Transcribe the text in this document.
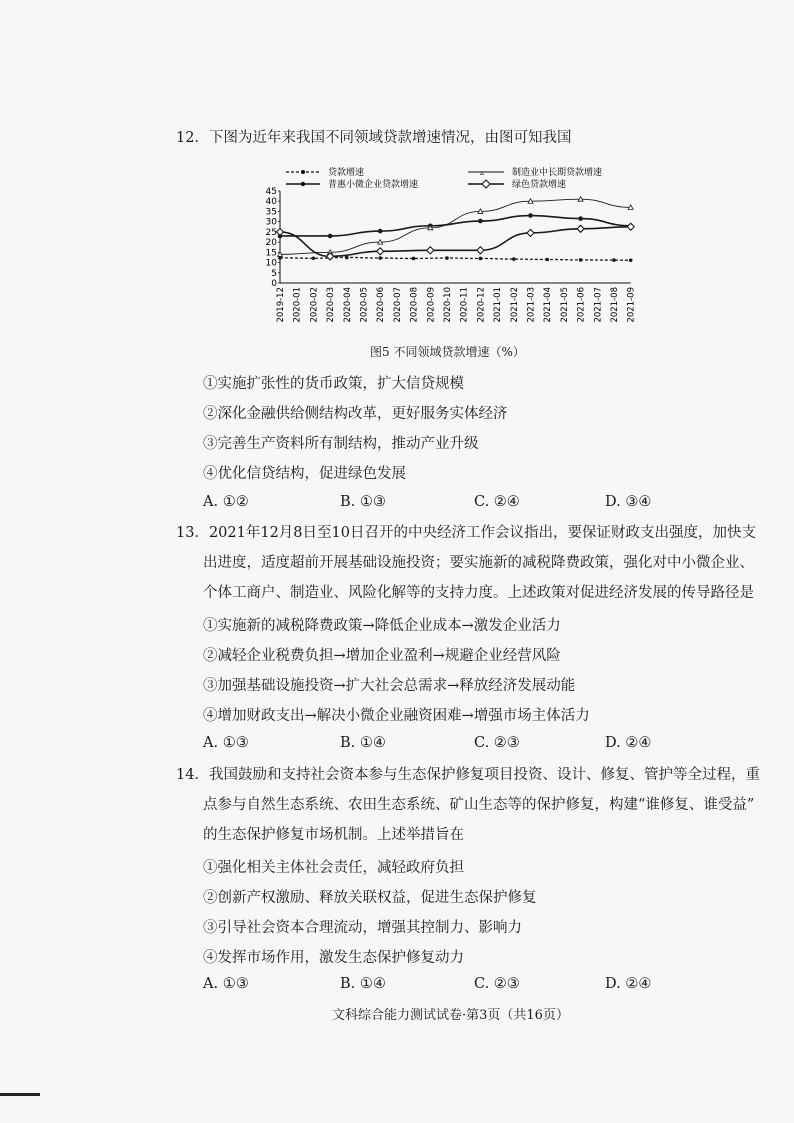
12．下图为近年来我国不同领域贷款增速情况，由图可知我国
贷款增速
普惠小微企业贷款增速
▵	制造业中长期贷款增速
绿色贷款增速
0
5
10
15
20
25
30
35
40
45
2019-12 2020-01 2020-02 2020-03 2020-04 2020-05 2020-06 2020-07 2020-08 2020-09 2020-10 2020-11 2020-12 2021-01 2021-02 2021-03 2021-04 2021-05 2021-06 2021-07 2021-08 2021-09
图5 不同领域贷款增速（%）
①实施扩张性的货币政策，扩大信贷规模
②深化金融供给侧结构改革，更好服务实体经济
③完善生产资料所有制结构，推动产业升级
④优化信贷结构，促进绿色发展
A. ①②	B. ①③	C. ②④	D. ③④
13．2021年12月8日至10日召开的中央经济工作会议指出，要保证财政支出强度，加快支
出进度，适度超前开展基础设施投资；要实施新的减税降费政策，强化对中小微企业、
个体工商户、制造业、风险化解等的支持力度。上述政策对促进经济发展的传导路径是
①实施新的减税降费政策→降低企业成本→激发企业活力
②减轻企业税费负担→增加企业盈利→规避企业经营风险
③加强基础设施投资→扩大社会总需求→释放经济发展动能
④增加财政支出→解决小微企业融资困难→增强市场主体活力
A. ①③	B. ①④	C. ②③	D. ②④
14．我国鼓励和支持社会资本参与生态保护修复项目投资、设计、修复、管护等全过程，重
点参与自然生态系统、农田生态系统、矿山生态等的保护修复，构建“谁修复、谁受益”
的生态保护修复市场机制。上述举措旨在
①强化相关主体社会责任，减轻政府负担
②创新产权激励、释放关联权益，促进生态保护修复
③引导社会资本合理流动，增强其控制力、影响力
④发挥市场作用，激发生态保护修复动力
A. ①③	B. ①④	C. ②③	D. ②④
文科综合能力测试试卷·第3页（共16页）
